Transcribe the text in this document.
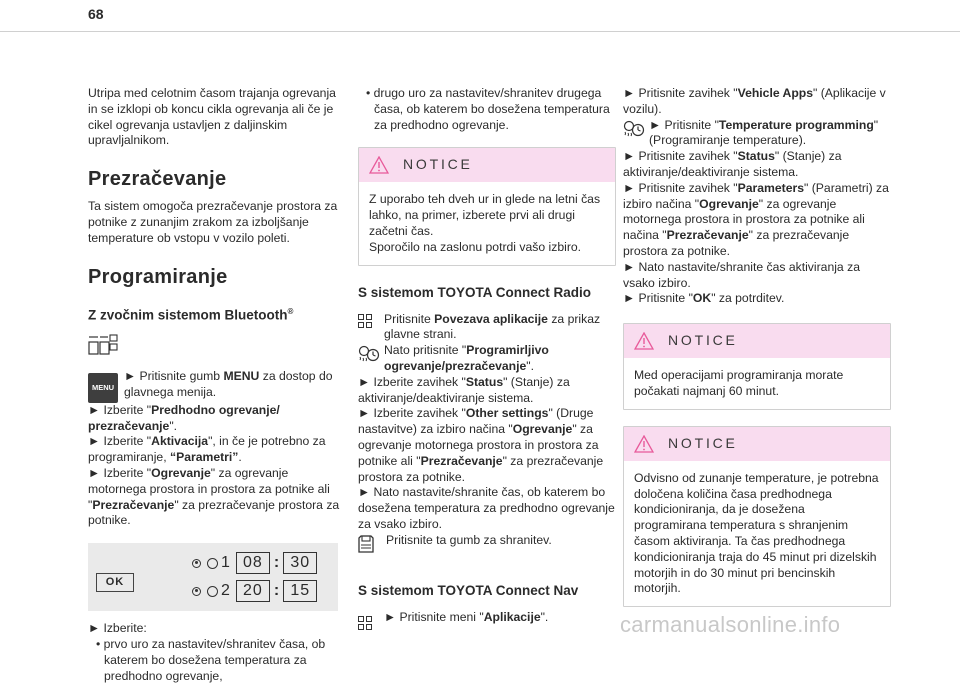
68

Utripa med celotnim časom trajanja ogrevanja in se izklopi ob koncu cikla ogrevanja ali če je cikel ogrevanja ustavljen z daljinskim upravljalnikom.

Prezračevanje

Ta sistem omogoča prezračevanje prostora za potnike z zunanjim zrakom za izboljšanje temperature ob vstopu v vozilo poleti.

Programiranje
Z zvočnim sistemom Bluetooth®
MENU

► Pritisnite gumb MENU za dostop do glavnega menija.

► Izberite "Predhodno ogrevanje/ prezračevanje".

► Izberite "Aktivacija", in če je potrebno za programiranje, “Parametri”.

► Izberite "Ogrevanje" za ogrevanje motornega prostora in prostora za potnike ali "Prezračevanje" za prezračevanje prostora za potnike.

OK
1 08 : 30
2 20 : 15

► Izberite:

• prvo uro za nastavitev/shranitev časa, ob katerem bo dosežena temperatura za predhodno ogrevanje,

• drugo uro za nastavitev/shranitev drugega časa, ob katerem bo dosežena temperatura za predhodno ogrevanje.

NOTICE
Z uporabo teh dveh ur in glede na letni čas lahko, na primer, izberete prvi ali drugi začetni čas.
Sporočilo na zaslonu potrdi vašo izbiro.
S sistemom TOYOTA Connect Radio

Pritisnite Povezava aplikacije za prikaz glavne strani.

Nato pritisnite "Programirljivo ogrevanje/prezračevanje".

► Izberite zavihek "Status" (Stanje) za aktiviranje/deaktiviranje sistema.

► Izberite zavihek "Other settings" (Druge nastavitve) za izbiro načina "Ogrevanje" za ogrevanje motornega prostora in prostora za potnike ali "Prezračevanje" za prezračevanje prostora za potnike.

► Nato nastavite/shranite čas, ob katerem bo dosežena temperatura za predhodno ogrevanje za vsako izbiro.

Pritisnite ta gumb za shranitev.

S sistemom TOYOTA Connect Nav

► Pritisnite meni "Aplikacije".

► Pritisnite zavihek "Vehicle Apps" (Aplikacije v vozilu).

► Pritisnite "Temperature programming" (Programiranje temperature).

► Pritisnite zavihek "Status" (Stanje) za aktiviranje/deaktiviranje sistema.

► Pritisnite zavihek "Parameters" (Parametri) za izbiro načina "Ogrevanje" za ogrevanje motornega prostora in prostora za potnike ali načina "Prezračevanje" za prezračevanje prostora za potnike.

► Nato nastavite/shranite čas aktiviranja za vsako izbiro.

► Pritisnite "OK" za potrditev.

NOTICE
Med operacijami programiranja morate počakati najmanj 60 minut.
NOTICE
Odvisno od zunanje temperature, je potrebna določena količina časa predhodnega kondicioniranja, da je dosežena programirana temperatura s shranjenim časom aktiviranja. Ta čas predhodnega kondicioniranja traja do 45 minut pri dizelskih motorjih in do 30 minut pri bencinskih motorjih.
carmanualsonline.info
